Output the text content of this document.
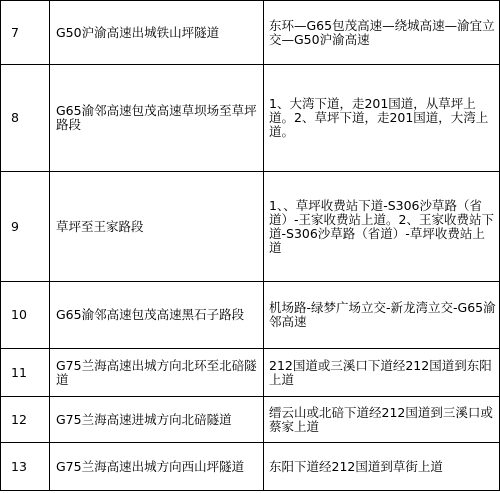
7	G50沪渝高速出城铁山坪隧道	东环—G65包茂高速—绕城高速—渝宜立交—G50沪渝高速
8	G65渝邻高速包茂高速草坝场至草坪路段	1、大湾下道，走201国道，从草坪上道。2、草坪下道，走201国道，大湾上道。
9	草坪至王家路段	1、、草坪收费站下道-S306沙草路（省道）-王家收费站上道。2、王家收费站下道-S306沙草路（省道）-草坪收费站上道
10	G65渝邻高速包茂高速黑石子路段	机场路-绿梦广场立交-新龙湾立交-G65渝邻高速
11	G75兰海高速出城方向北环至北碚隧道	212国道或三溪口下道经212国道到东阳上道
12	G75兰海高速进城方向北碚隧道	缙云山或北碚下道经212国道到三溪口或蔡家上道
13	G75兰海高速出城方向西山坪隧道	东阳下道经212国道到草街上道
